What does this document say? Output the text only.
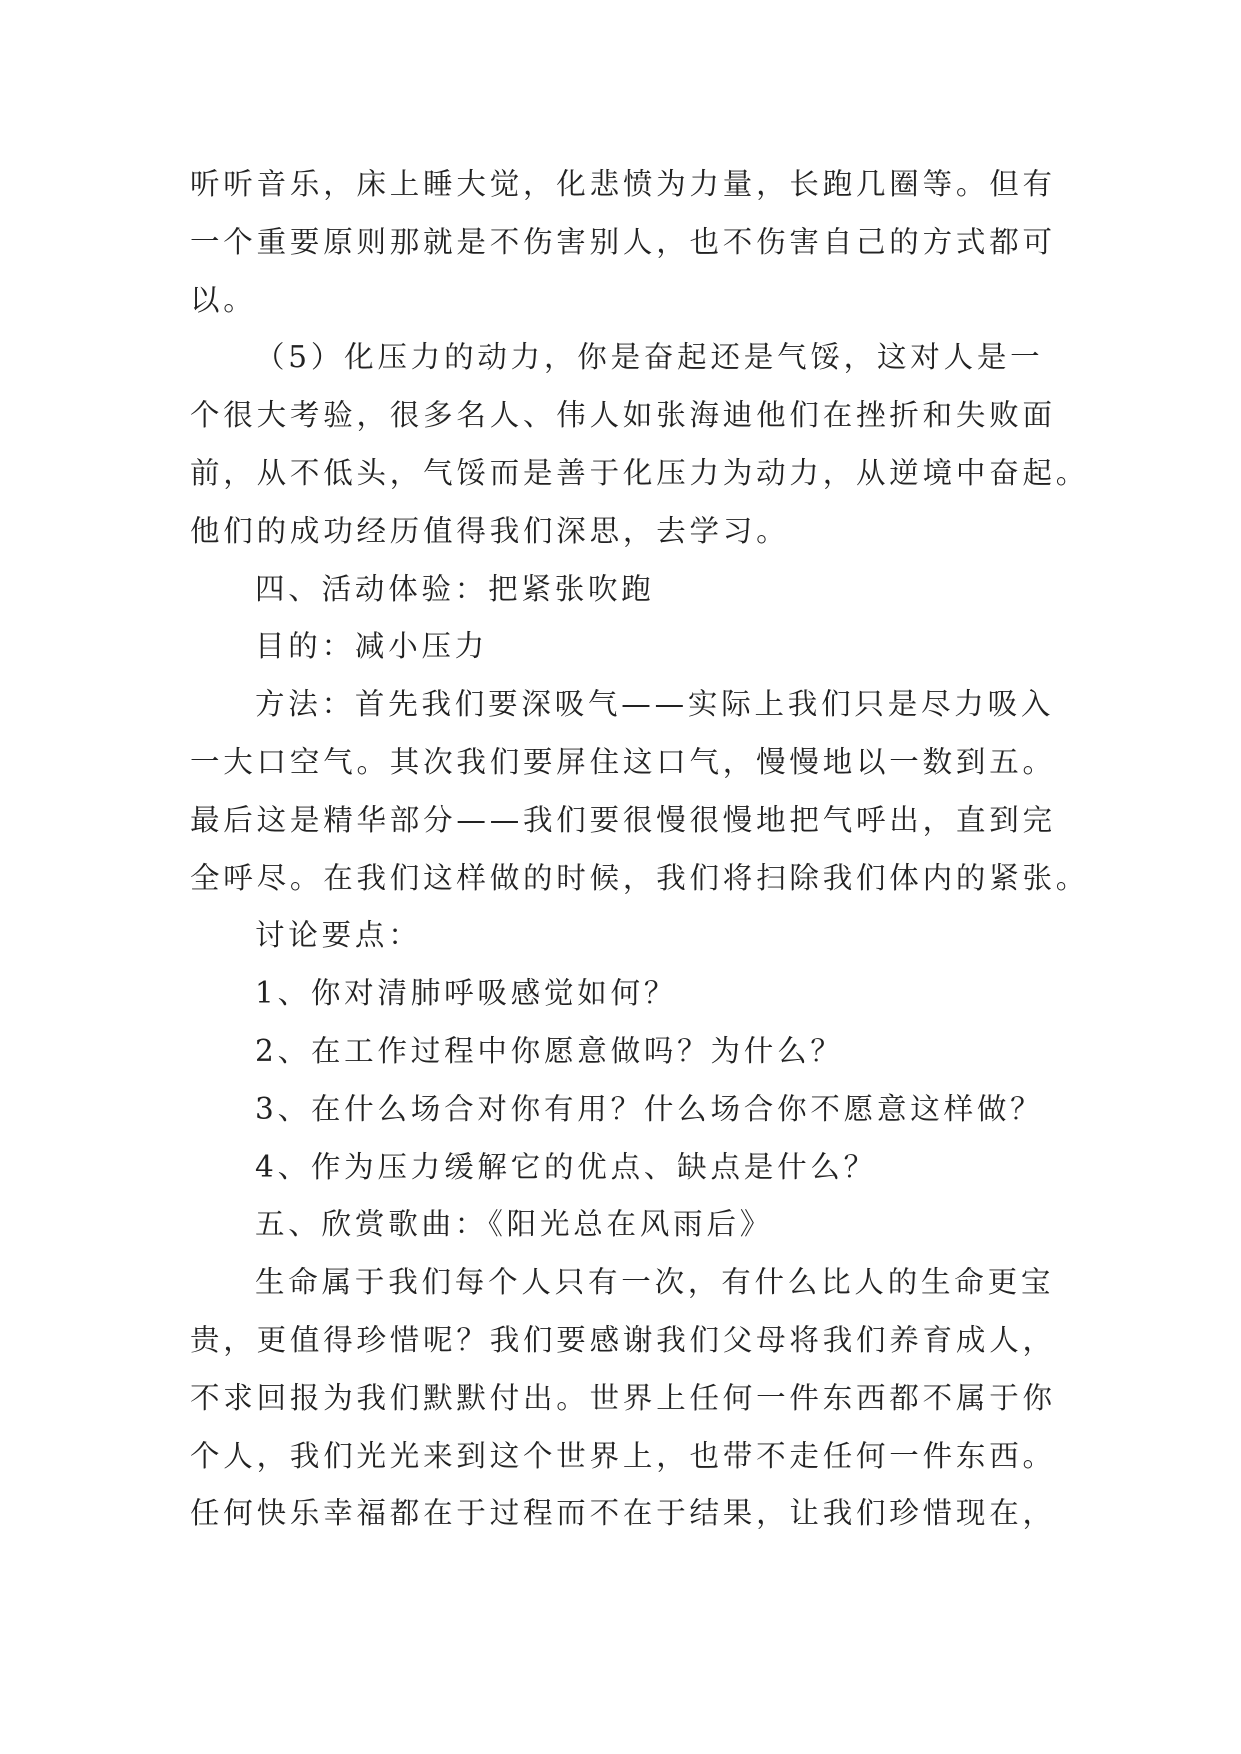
听听音乐，床上睡大觉，化悲愤为力量，长跑几圈等。但有
一个重要原则那就是不伤害别人，也不伤害自己的方式都可
以。
（5）化压力的动力，你是奋起还是气馁，这对人是一
个很大考验，很多名人、伟人如张海迪他们在挫折和失败面
前，从不低头，气馁而是善于化压力为动力，从逆境中奋起。
他们的成功经历值得我们深思，去学习。
四、活动体验：把紧张吹跑
目的：减小压力
方法：首先我们要深吸气——实际上我们只是尽力吸入
一大口空气。其次我们要屏住这口气，慢慢地以一数到五。
最后这是精华部分——我们要很慢很慢地把气呼出，直到完
全呼尽。在我们这样做的时候，我们将扫除我们体内的紧张。
讨论要点：
1、你对清肺呼吸感觉如何？
2、在工作过程中你愿意做吗？为什么？
3、在什么场合对你有用？什么场合你不愿意这样做？
4、作为压力缓解它的优点、缺点是什么？
五、欣赏歌曲：《阳光总在风雨后》
生命属于我们每个人只有一次，有什么比人的生命更宝
贵，更值得珍惜呢？我们要感谢我们父母将我们养育成人，
不求回报为我们默默付出。世界上任何一件东西都不属于你
个人，我们光光来到这个世界上，也带不走任何一件东西。
任何快乐幸福都在于过程而不在于结果，让我们珍惜现在，
